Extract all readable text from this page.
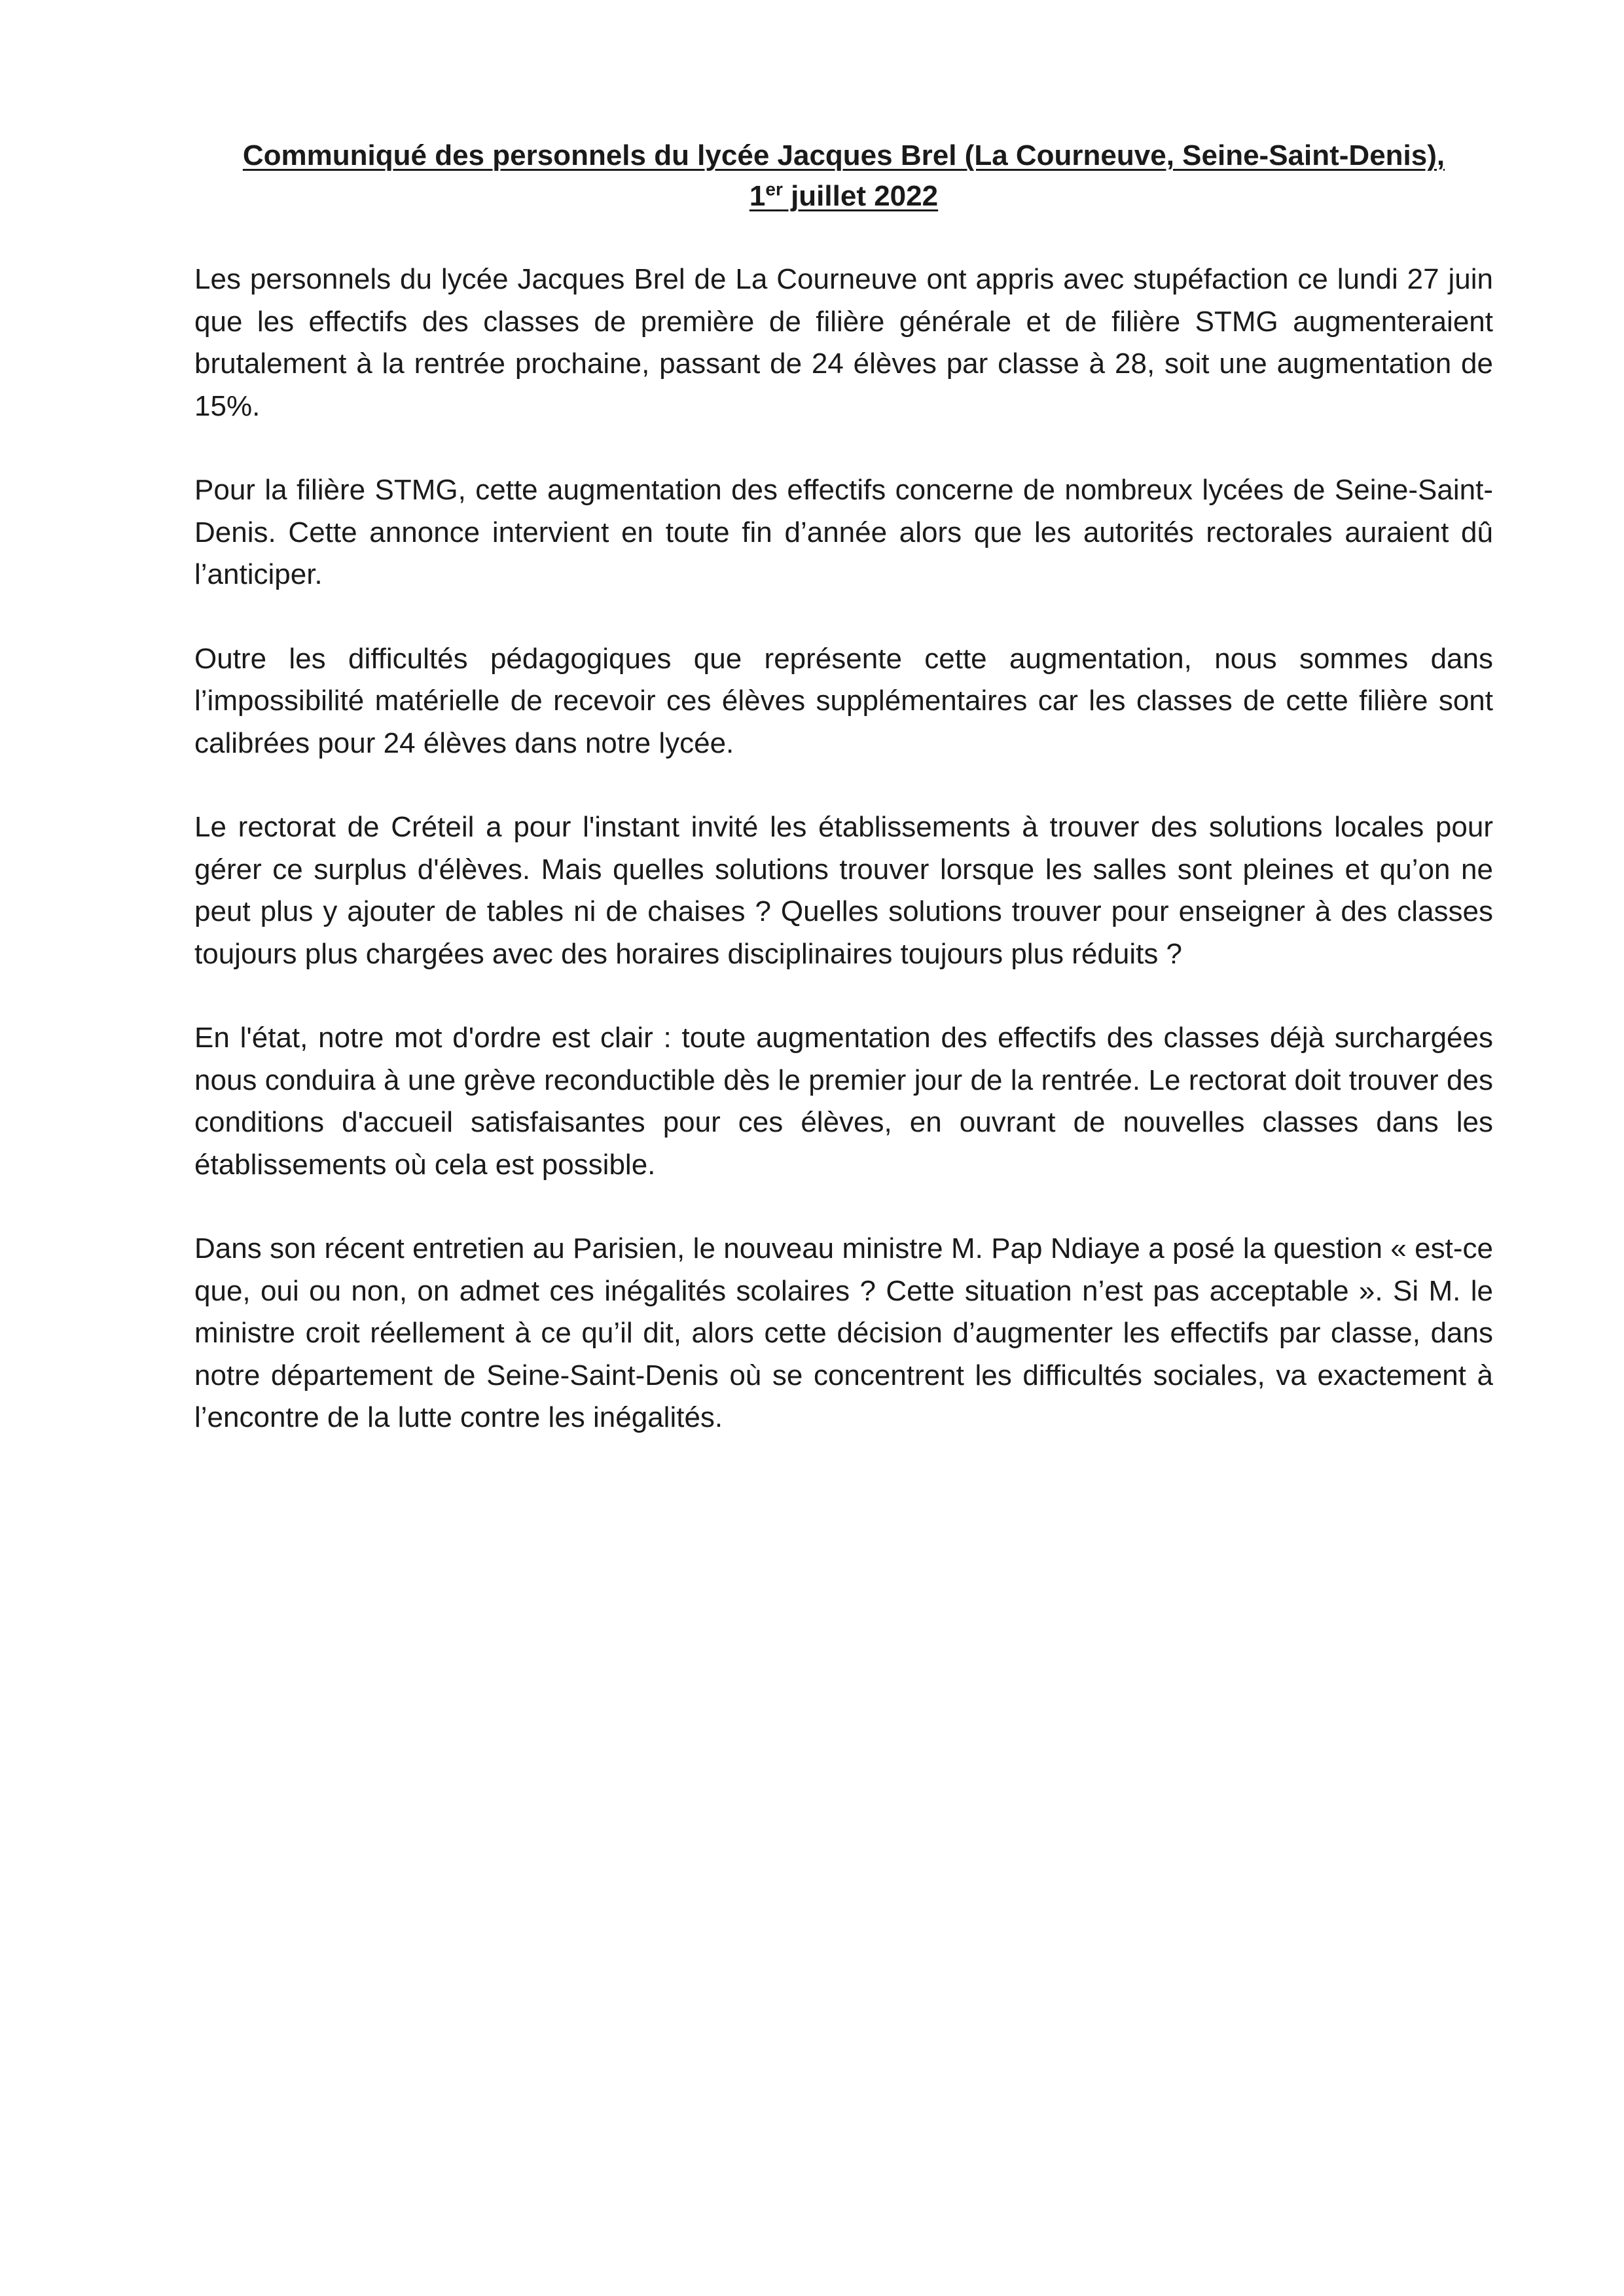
Communiqué des personnels du lycée Jacques Brel (La Courneuve, Seine-Saint-Denis),
1er juillet 2022

Les personnels du lycée Jacques Brel de La Courneuve ont appris avec stupéfaction ce lundi 27 juin que les effectifs des classes de première de filière générale et de filière STMG augmenteraient brutalement à la rentrée prochaine, passant de 24 élèves par classe à 28, soit une augmentation de 15%.

Pour la filière STMG, cette augmentation des effectifs concerne de nombreux lycées de Seine-Saint-Denis. Cette annonce intervient en toute fin d’année alors que les autorités rectorales auraient dû l’anticiper.

Outre les difficultés pédagogiques que représente cette augmentation, nous sommes dans l’impossibilité matérielle de recevoir ces élèves supplémentaires car les classes de cette filière sont calibrées pour 24 élèves dans notre lycée.

Le rectorat de Créteil a pour l'instant invité les établissements à trouver des solutions locales pour gérer ce surplus d'élèves. Mais quelles solutions trouver lorsque les salles sont pleines et qu’on ne peut plus y ajouter de tables ni de chaises ? Quelles solutions trouver pour enseigner à des classes toujours plus chargées avec des horaires disciplinaires toujours plus réduits ?

En l'état, notre mot d'ordre est clair : toute augmentation des effectifs des classes déjà surchargées nous conduira à une grève reconductible dès le premier jour de la rentrée. Le rectorat doit trouver des conditions d'accueil satisfaisantes pour ces élèves, en ouvrant de nouvelles classes dans les établissements où cela est possible.

Dans son récent entretien au Parisien, le nouveau ministre M. Pap Ndiaye a posé la question « est-ce que, oui ou non, on admet ces inégalités scolaires ? Cette situation n’est pas acceptable ». Si M. le ministre croit réellement à ce qu’il dit, alors cette décision d’augmenter les effectifs par classe, dans notre département de Seine-Saint-Denis où se concentrent les difficultés sociales, va exactement à l’encontre de la lutte contre les inégalités.
